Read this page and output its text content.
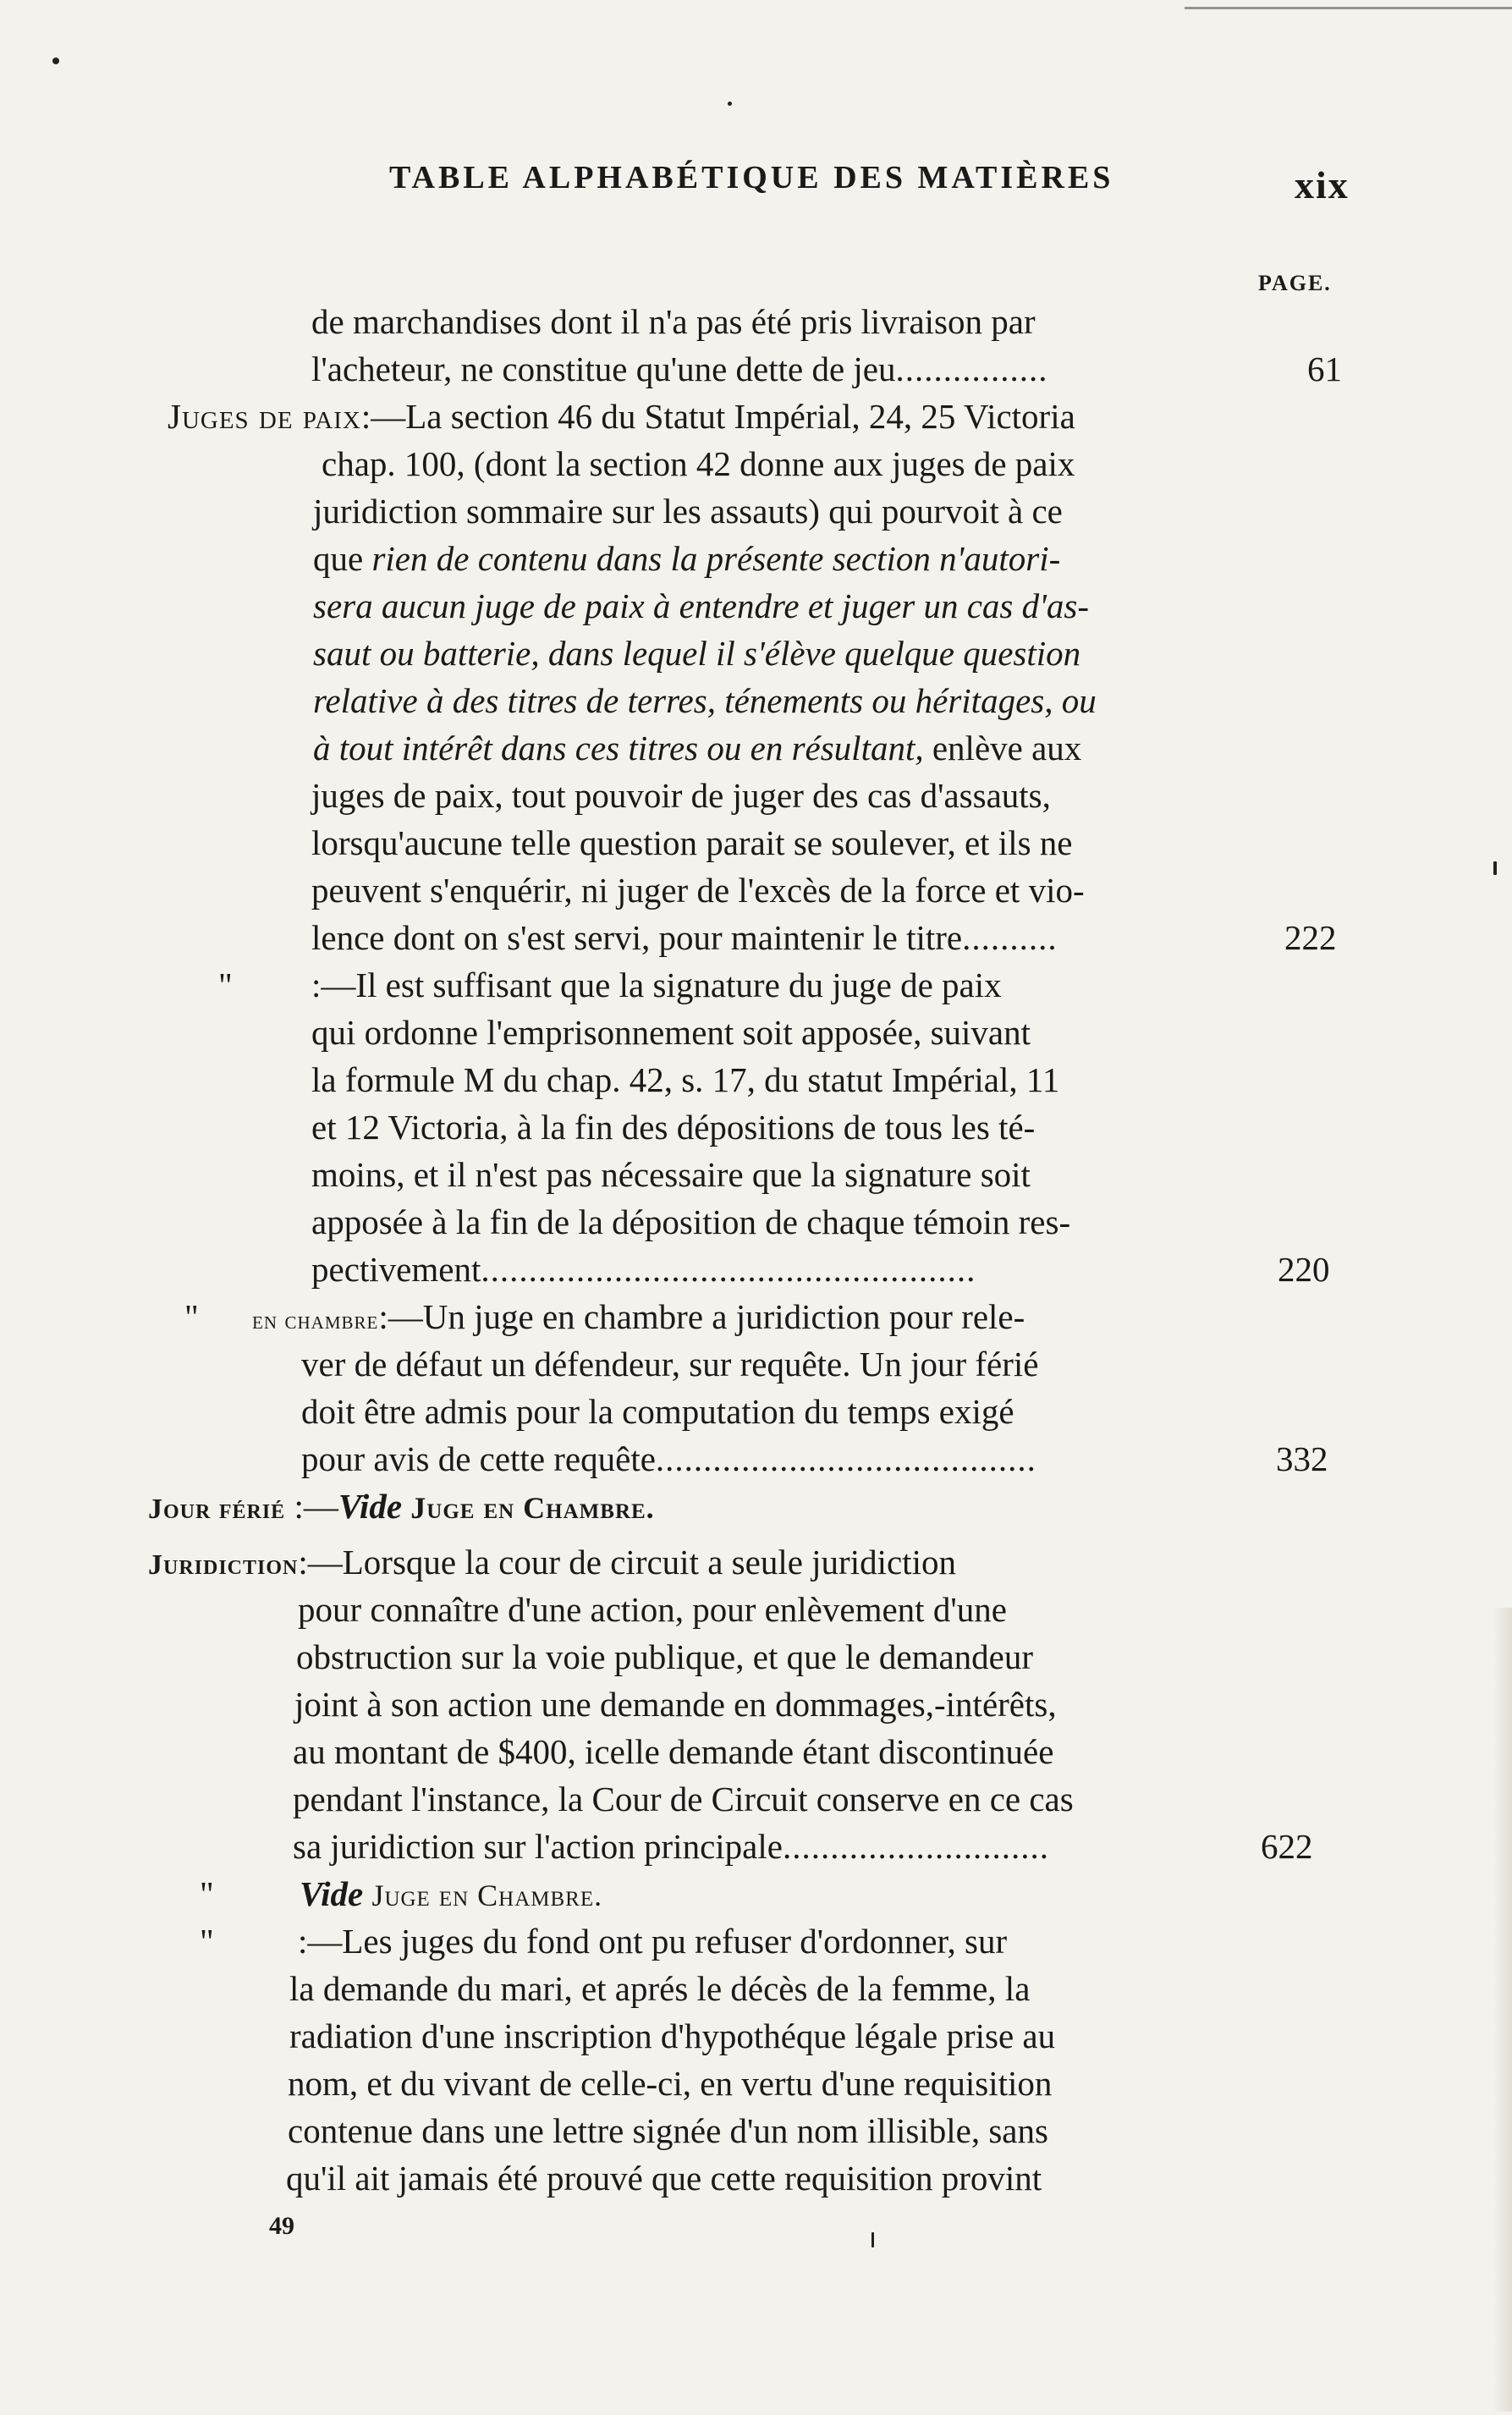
TABLE ALPHABÉTIQUE DES MATIÈRES	xix
PAGE.
de marchandises dont il n'a pas été pris livraison par
l'acheteur, ne constitue qu'une dette de jeu................	61
Juges de paix:—La section 46 du Statut Impérial, 24, 25 Victoria
chap. 100, (dont la section 42 donne aux juges de paix
juridiction sommaire sur les assauts) qui pourvoit à ce
que rien de contenu dans la présente section n'autori-
sera aucun juge de paix à entendre et juger un cas d'as-
saut ou batterie, dans lequel il s'élève quelque question
relative à des titres de terres, ténements ou héritages, ou
à tout intérêt dans ces titres ou en résultant, enlève aux
juges de paix, tout pouvoir de juger des cas d'assauts,
lorsqu'aucune telle question parait se soulever, et ils ne
peuvent s'enquérir, ni juger de l'excès de la force et vio-
lence dont on s'est servi, pour maintenir le titre..........	222
" :—Il est suffisant que la signature du juge de paix
qui ordonne l'emprisonnement soit apposée, suivant
la formule M du chap. 42, s. 17, du statut Impérial, 11
et 12 Victoria, à la fin des dépositions de tous les té-
moins, et il n'est pas nécessaire que la signature soit
apposée à la fin de la déposition de chaque témoin res-
pectivement....................................................	220
" en chambre:—Un juge en chambre a juridiction pour rele-
ver de défaut un défendeur, sur requête. Un jour férié
doit être admis pour la computation du temps exigé
pour avis de cette requête........................................	332
Jour férié :—Vide Juge en Chambre.
Juridiction:—Lorsque la cour de circuit a seule juridiction
pour connaître d'une action, pour enlèvement d'une
obstruction sur la voie publique, et que le demandeur
joint à son action une demande en dommages,-intérêts,
au montant de $400, icelle demande étant discontinuée
pendant l'instance, la Cour de Circuit conserve en ce cas
sa juridiction sur l'action principale............................	622
" Vide Juge en Chambre.
" :—Les juges du fond ont pu refuser d'ordonner, sur
la demande du mari, et aprés le décès de la femme, la
radiation d'une inscription d'hypothéque légale prise au
nom, et du vivant de celle-ci, en vertu d'une requisition
contenue dans une lettre signée d'un nom illisible, sans
qu'il ait jamais été prouvé que cette requisition provint
49
